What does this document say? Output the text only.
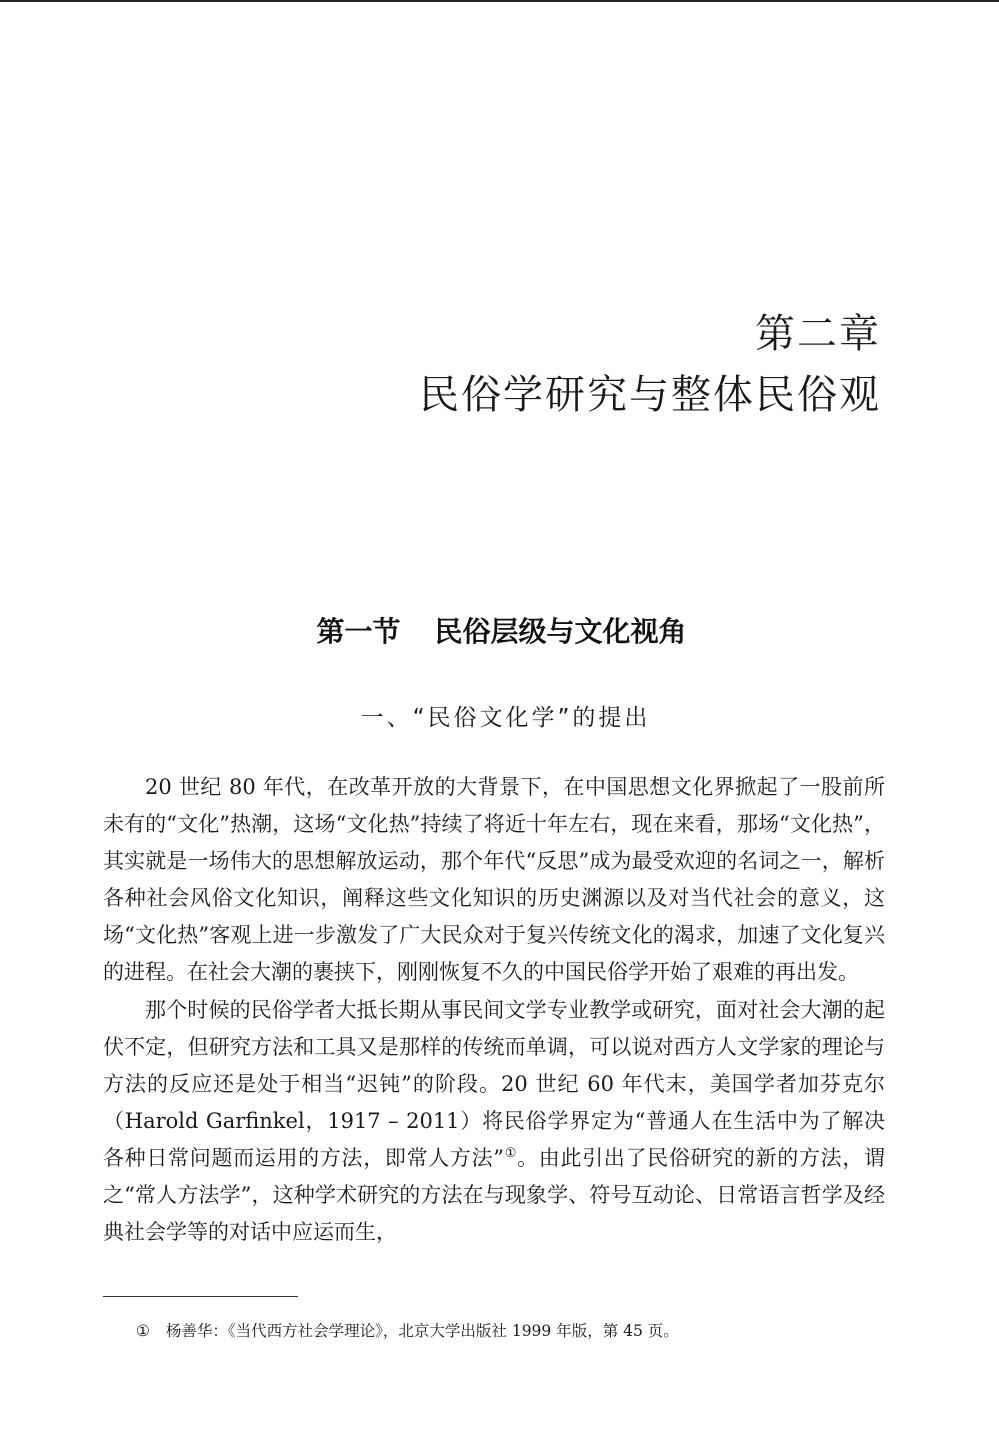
第二章
民俗学研究与整体民俗观
第一节 民俗层级与文化视角
一、“民俗文化学”的提出

20 世纪 80 年代，在改革开放的大背景下，在中国思想文化界掀起了一股前所未有的“文化”热潮，这场“文化热”持续了将近十年左右，现在来看，那场“文化热”，其实就是一场伟大的思想解放运动，那个年代“反思”成为最受欢迎的名词之一，解析各种社会风俗文化知识，阐释这些文化知识的历史渊源以及对当代社会的意义，这场“文化热”客观上进一步激发了广大民众对于复兴传统文化的渴求，加速了文化复兴的进程。在社会大潮的裹挟下，刚刚恢复不久的中国民俗学开始了艰难的再出发。

那个时候的民俗学者大抵长期从事民间文学专业教学或研究，面对社会大潮的起伏不定，但研究方法和工具又是那样的传统而单调，可以说对西方人文学家的理论与方法的反应还是处于相当“迟钝”的阶段。20 世纪 60 年代末，美国学者加芬克尔（Harold Garfinkel，1917 – 2011）将民俗学界定为“普通人在生活中为了解决各种日常问题而运用的方法，即常人方法”①。由此引出了民俗研究的新的方法，谓之“常人方法学”，这种学术研究的方法在与现象学、符号互动论、日常语言哲学及经典社会学等的对话中应运而生，

① 杨善华：《当代西方社会学理论》，北京大学出版社 1999 年版，第 45 页。
